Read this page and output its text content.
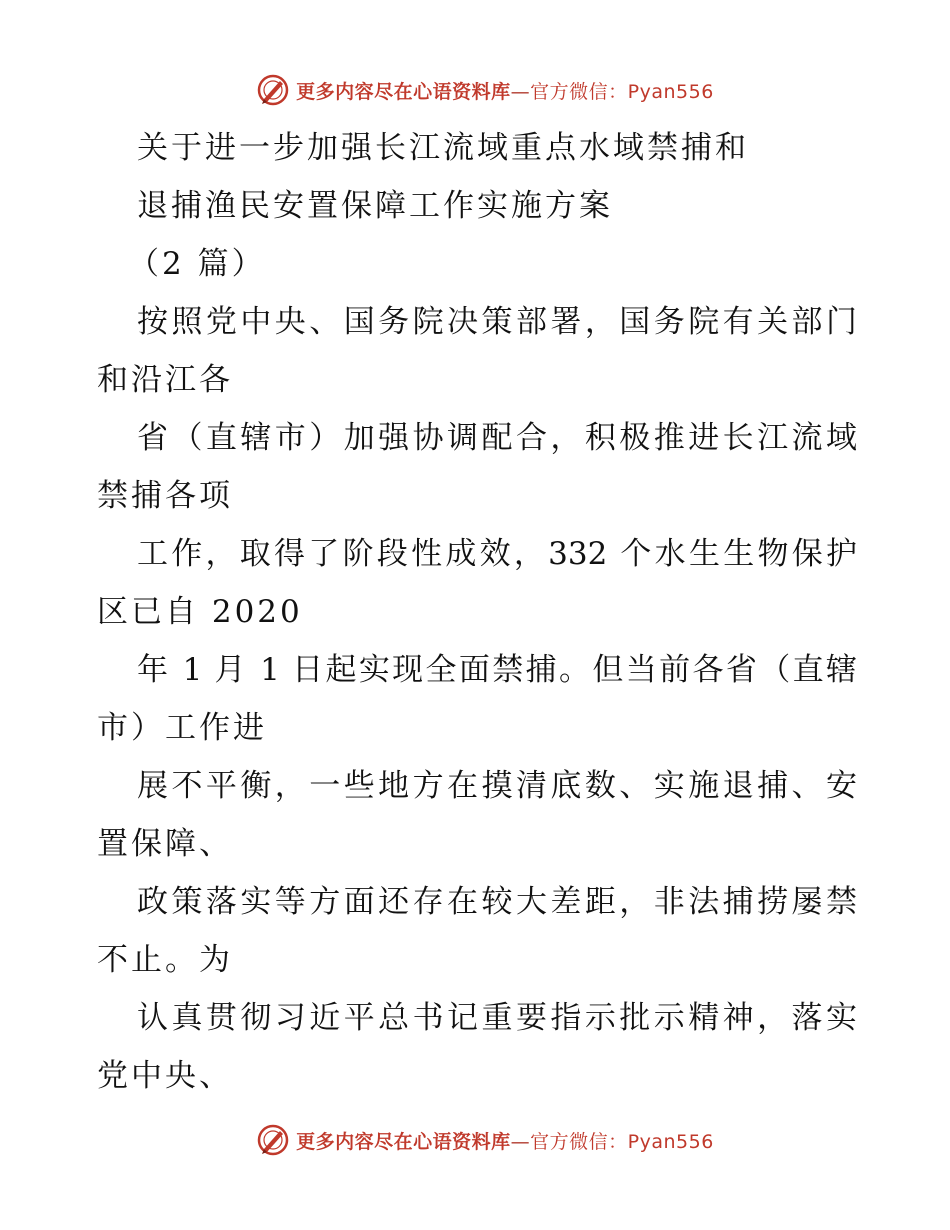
更多内容尽在心语资料库—官方微信：Pyan556
关于进一步加强长江流域重点水域禁捕和
退捕渔民安置保障工作实施方案
（2 篇）
按照党中央、国务院决策部署，国务院有关部门
和沿江各
省（直辖市）加强协调配合，积极推进长江流域
禁捕各项
工作，取得了阶段性成效，332 个水生生物保护
区已自 2020
年 1 月 1 日起实现全面禁捕。但当前各省（直辖
市）工作进
展不平衡，一些地方在摸清底数、实施退捕、安
置保障、
政策落实等方面还存在较大差距，非法捕捞屡禁
不止。为
认真贯彻习近平总书记重要指示批示精神，落实
党中央、
更多内容尽在心语资料库—官方微信：Pyan556
